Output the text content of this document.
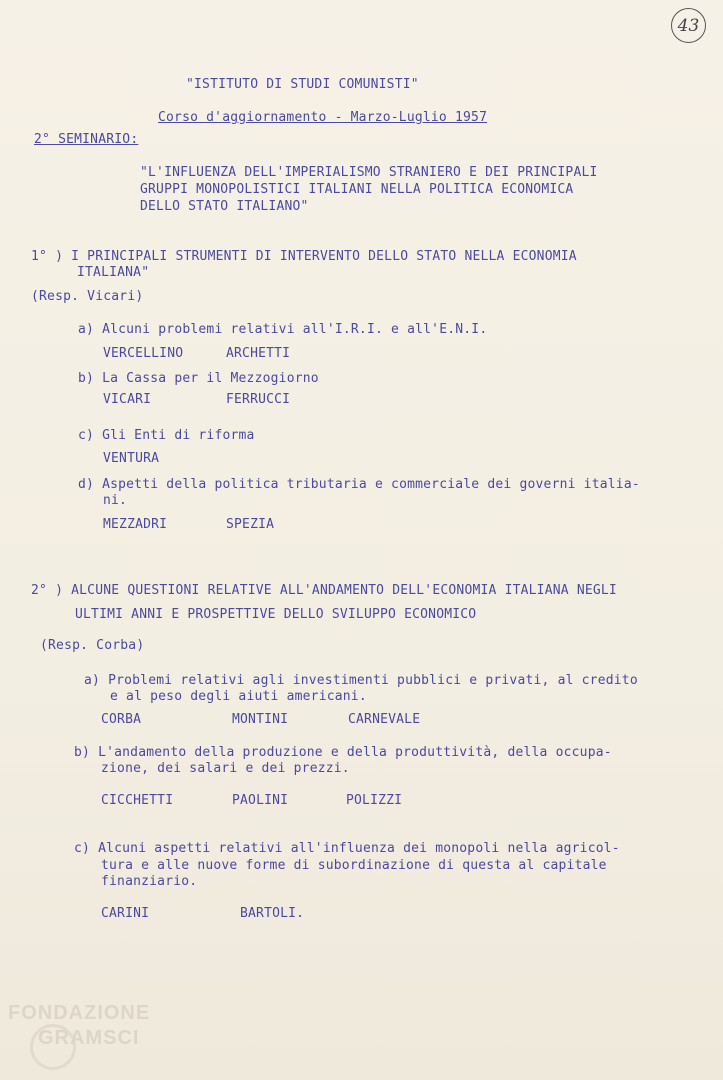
43
"ISTITUTO DI STUDI COMUNISTI"
Corso d'aggiornamento - Marzo-Luglio 1957
2° SEMINARIO:
"L'INFLUENZA DELL'IMPERIALISMO STRANIERO E DEI PRINCIPALI
GRUPPI MONOPOLISTICI ITALIANI NELLA POLITICA ECONOMICA
DELLO STATO ITALIANO"
1° ) I PRINCIPALI STRUMENTI DI INTERVENTO DELLO STATO NELLA ECONOMIA
ITALIANA"
(Resp. Vicari)
a) Alcuni problemi relativi all'I.R.I. e all'E.N.I.
VERCELLINO	ARCHETTI
b) La Cassa per il Mezzogiorno
VICARI	FERRUCCI
c) Gli Enti di riforma
VENTURA
d) Aspetti della politica tributaria e commerciale dei governi italia-
ni.
MEZZADRI	SPEZIA
2° ) ALCUNE QUESTIONI RELATIVE ALL'ANDAMENTO DELL'ECONOMIA ITALIANA NEGLI
ULTIMI ANNI E PROSPETTIVE DELLO SVILUPPO ECONOMICO
(Resp. Corba)
a) Problemi relativi agli investimenti pubblici e privati, al credito
e al peso degli aiuti americani.
CORBA	MONTINI	CARNEVALE
b) L'andamento della produzione e della produttività, della occupa-
zione, dei salari e dei prezzi.
CICCHETTI	PAOLINI	POLIZZI
c) Alcuni aspetti relativi all'influenza dei monopoli nella agricol-
tura e alle nuove forme di subordinazione di questa al capitale
finanziario.
CARINI	BARTOLI.
FONDAZIONE
GRAMSCI
